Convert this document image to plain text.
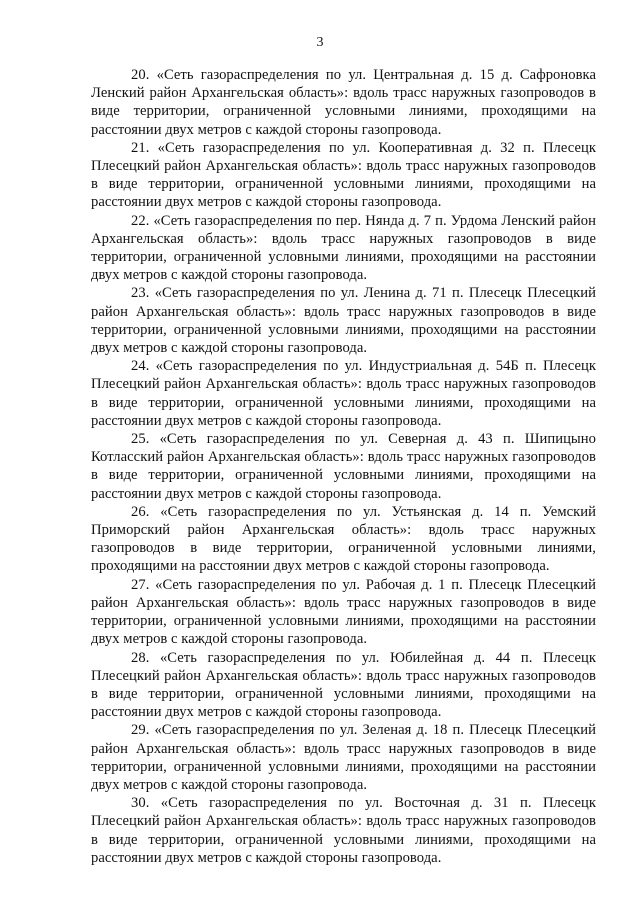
3

20. «Сеть газораспределения по ул. Центральная д. 15 д. Сафроновка Ленский район Архангельская область»: вдоль трасс наружных газопроводов в виде территории, ограниченной условными линиями, проходящими на расстоянии двух метров с каждой стороны газопровода.

21. «Сеть газораспределения по ул. Кооперативная д. 32 п. Плесецк Плесецкий район Архангельская область»: вдоль трасс наружных газопроводов в виде территории, ограниченной условными линиями, проходящими на расстоянии двух метров с каждой стороны газопровода.

22. «Сеть газораспределения по пер. Нянда д. 7 п. Урдома Ленский район Архангельская область»: вдоль трасс наружных газопроводов в виде территории, ограниченной условными линиями, проходящими на расстоянии двух метров с каждой стороны газопровода.

23. «Сеть газораспределения по ул. Ленина д. 71 п. Плесецк Плесецкий район Архангельская область»: вдоль трасс наружных газопроводов в виде территории, ограниченной условными линиями, проходящими на расстоянии двух метров с каждой стороны газопровода.

24. «Сеть газораспределения по ул. Индустриальная д. 54Б п. Плесецк Плесецкий район Архангельская область»: вдоль трасс наружных газопроводов в виде территории, ограниченной условными линиями, проходящими на расстоянии двух метров с каждой стороны газопровода.

25. «Сеть газораспределения по ул. Северная д. 43 п. Шипицыно Котласский район Архангельская область»: вдоль трасс наружных газопроводов в виде территории, ограниченной условными линиями, проходящими на расстоянии двух метров с каждой стороны газопровода.

26. «Сеть газораспределения по ул. Устьянская д. 14 п. Уемский Приморский район Архангельская область»: вдоль трасс наружных газопроводов в виде территории, ограниченной условными линиями, проходящими на расстоянии двух метров с каждой стороны газопровода.

27. «Сеть газораспределения по ул. Рабочая д. 1 п. Плесецк Плесецкий район Архангельская область»: вдоль трасс наружных газопроводов в виде территории, ограниченной условными линиями, проходящими на расстоянии двух метров с каждой стороны газопровода.

28. «Сеть газораспределения по ул. Юбилейная д. 44 п. Плесецк Плесецкий район Архангельская область»: вдоль трасс наружных газопроводов в виде территории, ограниченной условными линиями, проходящими на расстоянии двух метров с каждой стороны газопровода.

29. «Сеть газораспределения по ул. Зеленая д. 18 п. Плесецк Плесецкий район Архангельская область»: вдоль трасс наружных газопроводов в виде территории, ограниченной условными линиями, проходящими на расстоянии двух метров с каждой стороны газопровода.

30. «Сеть газораспределения по ул. Восточная д. 31 п. Плесецк Плесецкий район Архангельская область»: вдоль трасс наружных газопроводов в виде территории, ограниченной условными линиями, проходящими на расстоянии двух метров с каждой стороны газопровода.
